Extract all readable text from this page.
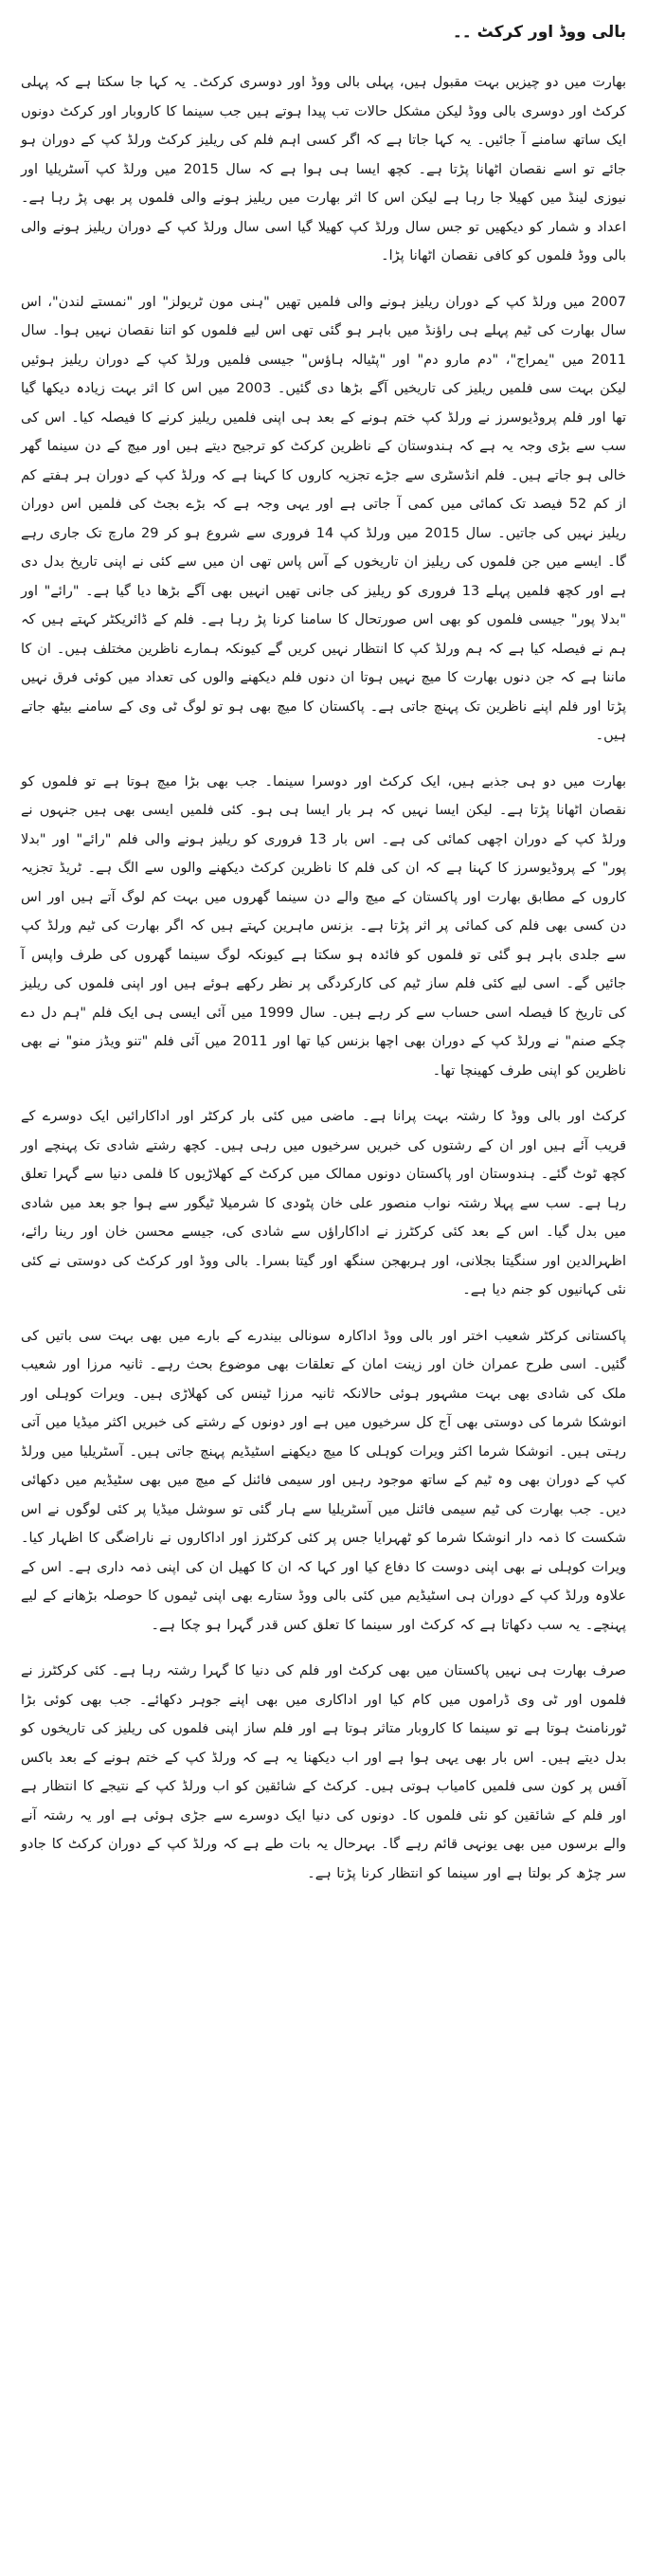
بالی ووڈ اور کرکٹ ۔۔

بھارت میں دو چیزیں بہت مقبول ہیں، پہلی بالی ووڈ اور دوسری کرکٹ۔ یہ کہا جا سکتا ہے کہ پہلی کرکٹ اور دوسری بالی ووڈ لیکن مشکل حالات تب پیدا ہوتے ہیں جب سینما کا کاروبار اور کرکٹ دونوں ایک ساتھ سامنے آ جائیں۔ یہ کہا جاتا ہے کہ اگر کسی اہم فلم کی ریلیز کرکٹ ورلڈ کپ کے دوران ہو جائے تو اسے نقصان اٹھانا پڑتا ہے۔ کچھ ایسا ہی ہوا ہے کہ سال 2015 میں ورلڈ کپ آسٹریلیا اور نیوزی لینڈ میں کھیلا جا رہا ہے لیکن اس کا اثر بھارت میں ریلیز ہونے والی فلموں پر بھی پڑ رہا ہے۔ اعداد و شمار کو دیکھیں تو جس سال ورلڈ کپ کھیلا گیا اسی سال ورلڈ کپ کے دوران ریلیز ہونے والی بالی ووڈ فلموں کو کافی نقصان اٹھانا پڑا۔

2007 میں ورلڈ کپ کے دوران ریلیز ہونے والی فلمیں تھیں "ہنی مون ٹریولز" اور "نمستے لندن"، اس سال بھارت کی ٹیم پہلے ہی راؤنڈ میں باہر ہو گئی تھی اس لیے فلموں کو اتنا نقصان نہیں ہوا۔ سال 2011 میں "یمراج"، "دم مارو دم" اور "پٹیالہ ہاؤس" جیسی فلمیں ورلڈ کپ کے دوران ریلیز ہوئیں لیکن بہت سی فلمیں ریلیز کی تاریخیں آگے بڑھا دی گئیں۔ 2003 میں اس کا اثر بہت زیادہ دیکھا گیا تھا اور فلم پروڈیوسرز نے ورلڈ کپ ختم ہونے کے بعد ہی اپنی فلمیں ریلیز کرنے کا فیصلہ کیا۔ اس کی سب سے بڑی وجہ یہ ہے کہ ہندوستان کے ناظرین کرکٹ کو ترجیح دیتے ہیں اور میچ کے دن سینما گھر خالی ہو جاتے ہیں۔ فلم انڈسٹری سے جڑے تجزیہ کاروں کا کہنا ہے کہ ورلڈ کپ کے دوران ہر ہفتے کم از کم 52 فیصد تک کمائی میں کمی آ جاتی ہے اور یہی وجہ ہے کہ بڑے بجٹ کی فلمیں اس دوران ریلیز نہیں کی جاتیں۔ سال 2015 میں ورلڈ کپ 14 فروری سے شروع ہو کر 29 مارچ تک جاری رہے گا۔ ایسے میں جن فلموں کی ریلیز ان تاریخوں کے آس پاس تھی ان میں سے کئی نے اپنی تاریخ بدل دی ہے اور کچھ فلمیں پہلے 13 فروری کو ریلیز کی جانی تھیں انہیں بھی آگے بڑھا دیا گیا ہے۔ "رائے" اور "بدلا پور" جیسی فلموں کو بھی اس صورتحال کا سامنا کرنا پڑ رہا ہے۔ فلم کے ڈائریکٹر کہتے ہیں کہ ہم نے فیصلہ کیا ہے کہ ہم ورلڈ کپ کا انتظار نہیں کریں گے کیونکہ ہمارے ناظرین مختلف ہیں۔ ان کا ماننا ہے کہ جن دنوں بھارت کا میچ نہیں ہوتا ان دنوں فلم دیکھنے والوں کی تعداد میں کوئی فرق نہیں پڑتا اور فلم اپنے ناظرین تک پہنچ جاتی ہے۔ پاکستان کا میچ بھی ہو تو لوگ ٹی وی کے سامنے بیٹھ جاتے ہیں۔

بھارت میں دو ہی جذبے ہیں، ایک کرکٹ اور دوسرا سینما۔ جب بھی بڑا میچ ہوتا ہے تو فلموں کو نقصان اٹھانا پڑتا ہے۔ لیکن ایسا نہیں کہ ہر بار ایسا ہی ہو۔ کئی فلمیں ایسی بھی ہیں جنہوں نے ورلڈ کپ کے دوران اچھی کمائی کی ہے۔ اس بار 13 فروری کو ریلیز ہونے والی فلم "رائے" اور "بدلا پور" کے پروڈیوسرز کا کہنا ہے کہ ان کی فلم کا ناظرین کرکٹ دیکھنے والوں سے الگ ہے۔ ٹریڈ تجزیہ کاروں کے مطابق بھارت اور پاکستان کے میچ والے دن سینما گھروں میں بہت کم لوگ آتے ہیں اور اس دن کسی بھی فلم کی کمائی پر اثر پڑتا ہے۔ بزنس ماہرین کہتے ہیں کہ اگر بھارت کی ٹیم ورلڈ کپ سے جلدی باہر ہو گئی تو فلموں کو فائدہ ہو سکتا ہے کیونکہ لوگ سینما گھروں کی طرف واپس آ جائیں گے۔ اسی لیے کئی فلم ساز ٹیم کی کارکردگی پر نظر رکھے ہوئے ہیں اور اپنی فلموں کی ریلیز کی تاریخ کا فیصلہ اسی حساب سے کر رہے ہیں۔ سال 1999 میں آئی ایسی ہی ایک فلم "ہم دل دے چکے صنم" نے ورلڈ کپ کے دوران بھی اچھا بزنس کیا تھا اور 2011 میں آئی فلم "تنو ویڈز منو" نے بھی ناظرین کو اپنی طرف کھینچا تھا۔

کرکٹ اور بالی ووڈ کا رشتہ بہت پرانا ہے۔ ماضی میں کئی بار کرکٹر اور اداکارائیں ایک دوسرے کے قریب آئے ہیں اور ان کے رشتوں کی خبریں سرخیوں میں رہی ہیں۔ کچھ رشتے شادی تک پہنچے اور کچھ ٹوٹ گئے۔ ہندوستان اور پاکستان دونوں ممالک میں کرکٹ کے کھلاڑیوں کا فلمی دنیا سے گہرا تعلق رہا ہے۔ سب سے پہلا رشتہ نواب منصور علی خان پٹودی کا شرمیلا ٹیگور سے ہوا جو بعد میں شادی میں بدل گیا۔ اس کے بعد کئی کرکٹرز نے اداکاراؤں سے شادی کی، جیسے محسن خان اور رینا رائے، اظہرالدین اور سنگیتا بجلانی، اور ہربھجن سنگھ اور گیتا بسرا۔ بالی ووڈ اور کرکٹ کی دوستی نے کئی نئی کہانیوں کو جنم دیا ہے۔

پاکستانی کرکٹر شعیب اختر اور بالی ووڈ اداکارہ سونالی بیندرے کے بارے میں بھی بہت سی باتیں کی گئیں۔ اسی طرح عمران خان اور زینت امان کے تعلقات بھی موضوع بحث رہے۔ ثانیہ مرزا اور شعیب ملک کی شادی بھی بہت مشہور ہوئی حالانکہ ثانیہ مرزا ٹینس کی کھلاڑی ہیں۔ ویرات کوہلی اور انوشکا شرما کی دوستی بھی آج کل سرخیوں میں ہے اور دونوں کے رشتے کی خبریں اکثر میڈیا میں آتی رہتی ہیں۔ انوشکا شرما اکثر ویرات کوہلی کا میچ دیکھنے اسٹیڈیم پہنچ جاتی ہیں۔ آسٹریلیا میں ورلڈ کپ کے دوران بھی وہ ٹیم کے ساتھ موجود رہیں اور سیمی فائنل کے میچ میں بھی سٹیڈیم میں دکھائی دیں۔ جب بھارت کی ٹیم سیمی فائنل میں آسٹریلیا سے ہار گئی تو سوشل میڈیا پر کئی لوگوں نے اس شکست کا ذمہ دار انوشکا شرما کو ٹھہرایا جس پر کئی کرکٹرز اور اداکاروں نے ناراضگی کا اظہار کیا۔ ویرات کوہلی نے بھی اپنی دوست کا دفاع کیا اور کہا کہ ان کا کھیل ان کی اپنی ذمہ داری ہے۔ اس کے علاوہ ورلڈ کپ کے دوران ہی اسٹیڈیم میں کئی بالی ووڈ ستارے بھی اپنی ٹیموں کا حوصلہ بڑھانے کے لیے پہنچے۔ یہ سب دکھاتا ہے کہ کرکٹ اور سینما کا تعلق کس قدر گہرا ہو چکا ہے۔

صرف بھارت ہی نہیں پاکستان میں بھی کرکٹ اور فلم کی دنیا کا گہرا رشتہ رہا ہے۔ کئی کرکٹرز نے فلموں اور ٹی وی ڈراموں میں کام کیا اور اداکاری میں بھی اپنے جوہر دکھائے۔ جب بھی کوئی بڑا ٹورنامنٹ ہوتا ہے تو سینما کا کاروبار متاثر ہوتا ہے اور فلم ساز اپنی فلموں کی ریلیز کی تاریخوں کو بدل دیتے ہیں۔ اس بار بھی یہی ہوا ہے اور اب دیکھنا یہ ہے کہ ورلڈ کپ کے ختم ہونے کے بعد باکس آفس پر کون سی فلمیں کامیاب ہوتی ہیں۔ کرکٹ کے شائقین کو اب ورلڈ کپ کے نتیجے کا انتظار ہے اور فلم کے شائقین کو نئی فلموں کا۔ دونوں کی دنیا ایک دوسرے سے جڑی ہوئی ہے اور یہ رشتہ آنے والے برسوں میں بھی یونہی قائم رہے گا۔ بہرحال یہ بات طے ہے کہ ورلڈ کپ کے دوران کرکٹ کا جادو سر چڑھ کر بولتا ہے اور سینما کو انتظار کرنا پڑتا ہے۔
